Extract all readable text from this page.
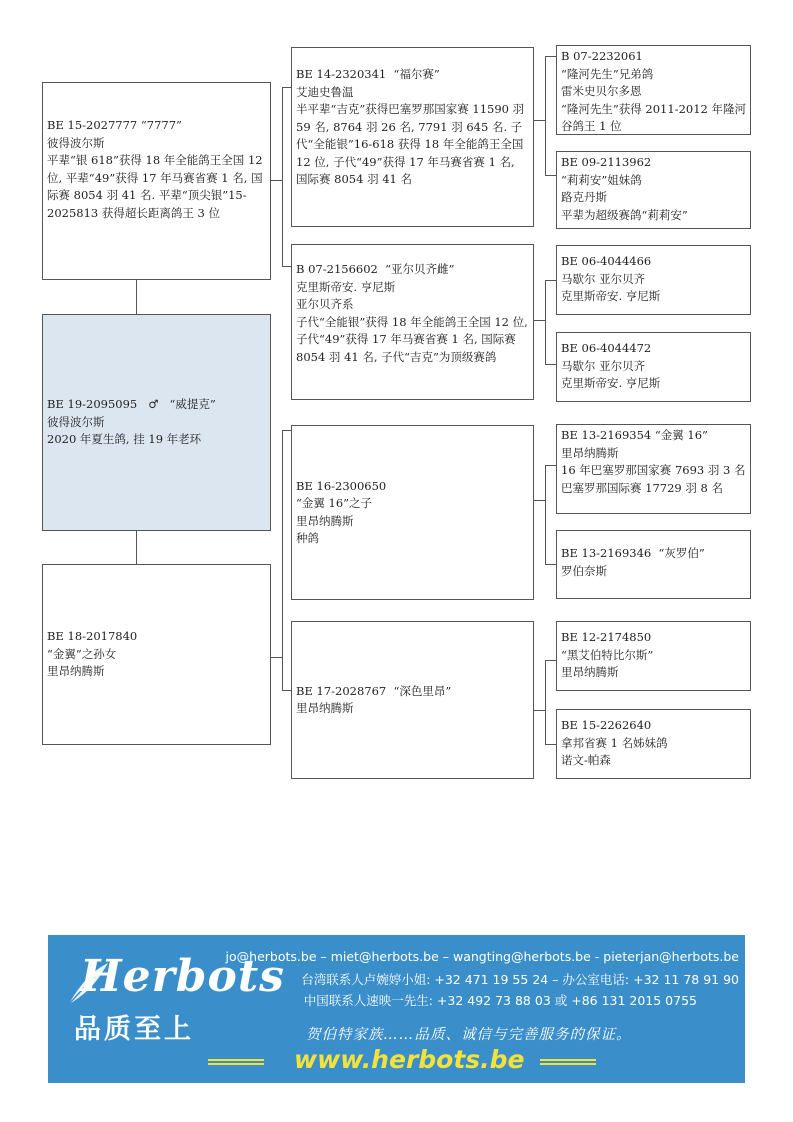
BE 15-2027777 “7777”
彼得波尔斯
平辈“银 618”获得 18 年全能鸽王全国 12 位, 平辈“49”获得 17 年马赛省赛 1 名, 国际赛 8054 羽 41 名. 平辈“顶尖银”15-2025813 获得超长距离鸽王 3 位
BE 19-2095095   ♂   “威提克”
彼得波尔斯
2020 年夏生鸽, 挂 19 年老环
BE 18-2017840
“金翼”之孙女
里昂纳腾斯
BE 14-2320341  “福尔赛”
艾迪史鲁温
半平辈“吉克”获得巴塞罗那国家赛 11590 羽 59 名, 8764 羽 26 名, 7791 羽 645 名. 子代“全能银”16-618 获得 18 年全能鸽王全国 12 位, 子代“49”获得 17 年马赛省赛 1 名, 国际赛 8054 羽 41 名
B 07-2156602  “亚尔贝齐雌”
克里斯帝安. 亨尼斯
亚尔贝齐系
子代“全能银”获得 18 年全能鸽王全国 12 位, 子代“49”获得 17 年马赛省赛 1 名, 国际赛 8054 羽 41 名, 子代“吉克”为顶级赛鸽
BE 16-2300650
“金翼 16”之子
里昂纳腾斯
种鸽
BE 17-2028767  “深色里昂”
里昂纳腾斯
B 07-2232061
“隆河先生”兄弟鸽
雷米史贝尔多恩
“隆河先生”获得 2011-2012 年隆河谷鸽王 1 位
BE 09-2113962
“莉莉安”姐妹鸽
路克丹斯
平辈为超级赛鸽“莉莉安”
BE 06-4044466
马歇尔 亚尔贝齐
克里斯帝安. 亨尼斯
BE 06-4044472
马歇尔 亚尔贝齐
克里斯帝安. 亨尼斯
BE 13-2169354 “金翼 16”
里昂纳腾斯
16 年巴塞罗那国家赛 7693 羽 3 名
巴塞罗那国际赛 17729 羽 8 名
BE 13-2169346  “灰罗伯”
罗伯奈斯
BE 12-2174850
“黑艾伯特比尔斯”
里昂纳腾斯
BE 15-2262640
拿邦省赛 1 名姊妹鸽
诺文-帕森
Herbots
品质至上
jo@herbots.be – miet@herbots.be – wangting@herbots.be - pieterjan@herbots.be
台湾联系人卢婉婷小姐: +32 471 19 55 24 – 办公室电话: +32 11 78 91 90
中国联系人速映一先生: +32 492 73 88 03 或 +86 131 2015 0755
贺伯特家族……品质、诚信与完善服务的保证。
www.herbots.be
